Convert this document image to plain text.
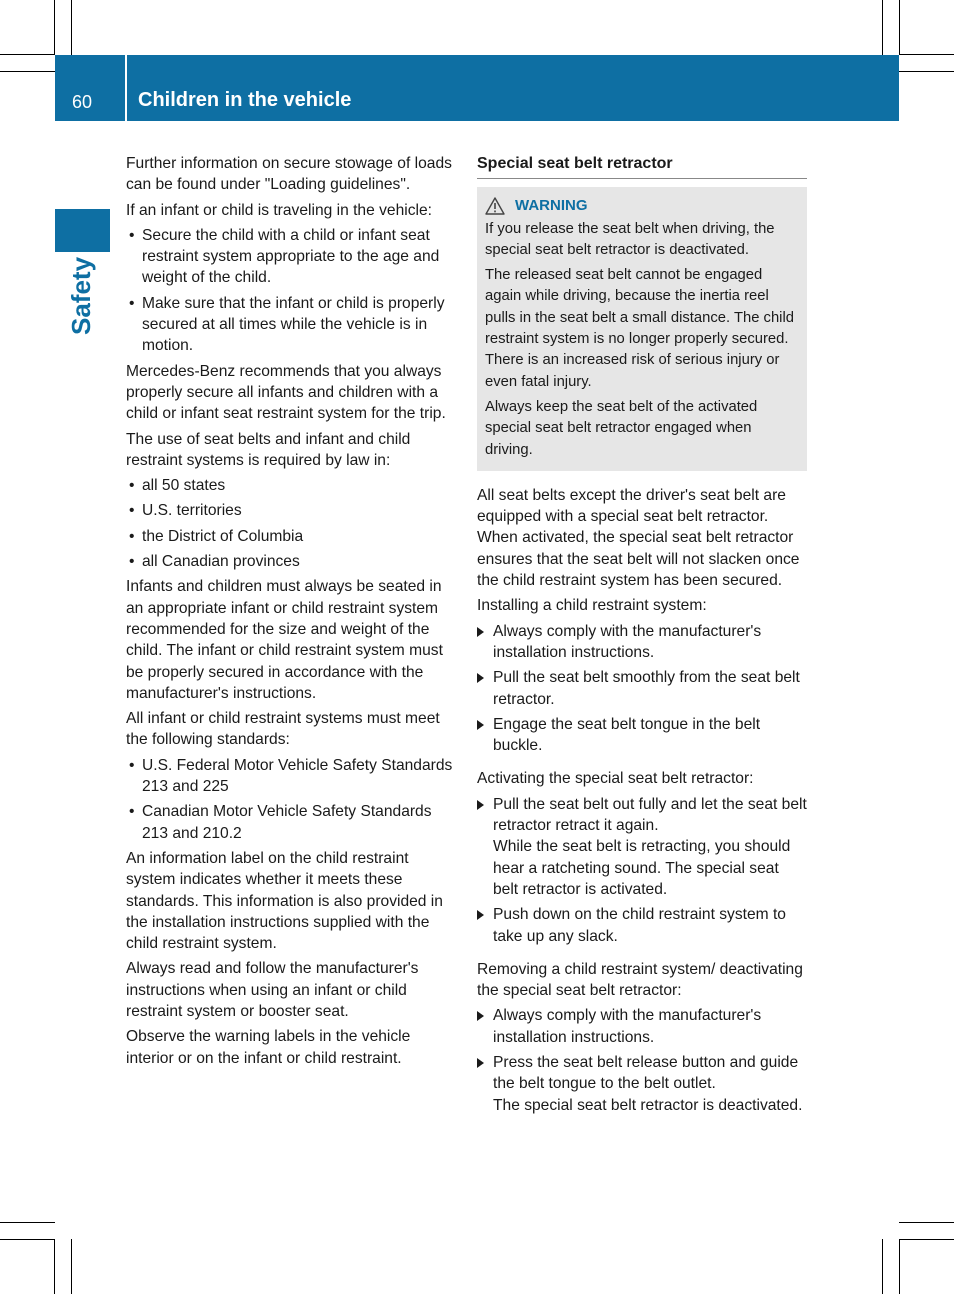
60	Children in the vehicle
Safety

Further information on secure stowage of loads can be found under "Loading guidelines".

If an infant or child is traveling in the vehicle:

• Secure the child with a child or infant seat restraint system appropriate to the age and weight of the child.
• Make sure that the infant or child is properly secured at all times while the vehicle is in motion.

Mercedes-Benz recommends that you always properly secure all infants and children with a child or infant seat restraint system for the trip.

The use of seat belts and infant and child restraint systems is required by law in:

• all 50 states
• U.S. territories
• the District of Columbia
• all Canadian provinces

Infants and children must always be seated in an appropriate infant or child restraint system recommended for the size and weight of the child. The infant or child restraint system must be properly secured in accordance with the manufacturer's instructions.

All infant or child restraint systems must meet the following standards:

• U.S. Federal Motor Vehicle Safety Standards 213 and 225
• Canadian Motor Vehicle Safety Standards 213 and 210.2

An information label on the child restraint system indicates whether it meets these standards. This information is also provided in the installation instructions supplied with the child restraint system.

Always read and follow the manufacturer's instructions when using an infant or child restraint system or booster seat.

Observe the warning labels in the vehicle interior or on the infant or child restraint.

Special seat belt retractor
WARNING

If you release the seat belt when driving, the special seat belt retractor is deactivated.

The released seat belt cannot be engaged again while driving, because the inertia reel pulls in the seat belt a small distance. The child restraint system is no longer properly secured. There is an increased risk of serious injury or even fatal injury.

Always keep the seat belt of the activated special seat belt retractor engaged when driving.

All seat belts except the driver's seat belt are equipped with a special seat belt retractor. When activated, the special seat belt retractor ensures that the seat belt will not slacken once the child restraint system has been secured.

Installing a child restraint system:

Always comply with the manufacturer's installation instructions.
Pull the seat belt smoothly from the seat belt retractor.
Engage the seat belt tongue in the belt buckle.

Activating the special seat belt retractor:

Pull the seat belt out fully and let the seat belt retractor retract it again.
While the seat belt is retracting, you should hear a ratcheting sound. The special seat belt retractor is activated.
Push down on the child restraint system to take up any slack.

Removing a child restraint system/ deactivating the special seat belt retractor:

Always comply with the manufacturer's installation instructions.
Press the seat belt release button and guide the belt tongue to the belt outlet.
The special seat belt retractor is deactivated.
